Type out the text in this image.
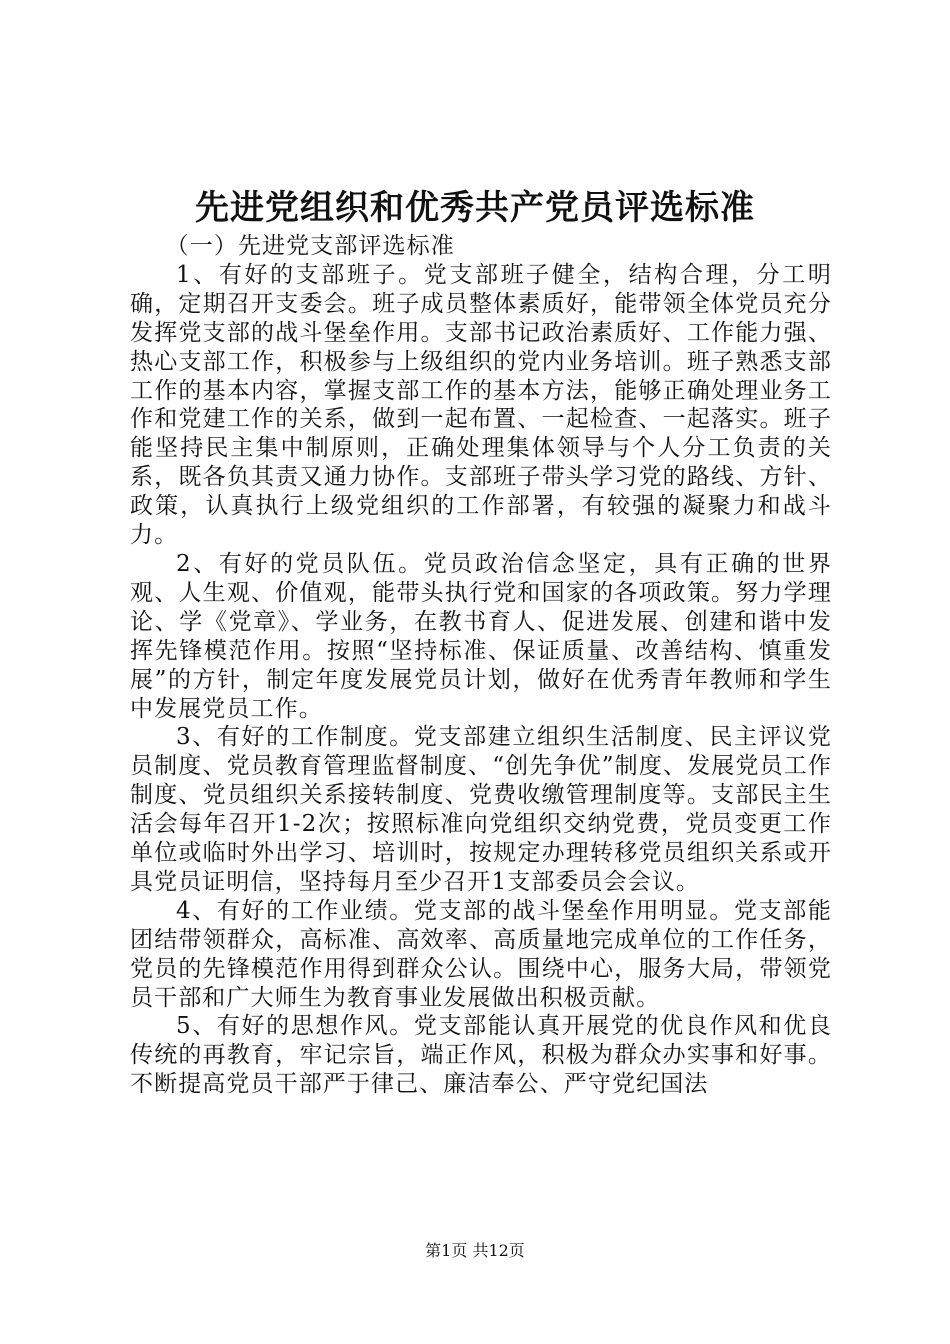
先进党组织和优秀共产党员评选标准

（一）先进党支部评选标准

1、有好的支部班子。党支部班子健全，结构合理，分工明确，定期召开支委会。班子成员整体素质好，能带领全体党员充分发挥党支部的战斗堡垒作用。支部书记政治素质好、工作能力强、热心支部工作，积极参与上级组织的党内业务培训。班子熟悉支部工作的基本内容，掌握支部工作的基本方法，能够正确处理业务工作和党建工作的关系，做到一起布置、一起检查、一起落实。班子能坚持民主集中制原则，正确处理集体领导与个人分工负责的关系，既各负其责又通力协作。支部班子带头学习党的路线、方针、政策，认真执行上级党组织的工作部署，有较强的凝聚力和战斗力。

2、有好的党员队伍。党员政治信念坚定，具有正确的世界观、人生观、价值观，能带头执行党和国家的各项政策。努力学理论、学《党章》、学业务，在教书育人、促进发展、创建和谐中发挥先锋模范作用。按照“坚持标准、保证质量、改善结构、慎重发展”的方针，制定年度发展党员计划，做好在优秀青年教师和学生中发展党员工作。

3、有好的工作制度。党支部建立组织生活制度、民主评议党员制度、党员教育管理监督制度、“创先争优”制度、发展党员工作制度、党员组织关系接转制度、党费收缴管理制度等。支部民主生活会每年召开1-2次；按照标准向党组织交纳党费，党员变更工作单位或临时外出学习、培训时，按规定办理转移党员组织关系或开具党员证明信，坚持每月至少召开1支部委员会会议。

4、有好的工作业绩。党支部的战斗堡垒作用明显。党支部能团结带领群众，高标准、高效率、高质量地完成单位的工作任务，党员的先锋模范作用得到群众公认。围绕中心，服务大局，带领党员干部和广大师生为教育事业发展做出积极贡献。

5、有好的思想作风。党支部能认真开展党的优良作风和优良传统的再教育，牢记宗旨，端正作风，积极为群众办实事和好事。不断提高党员干部严于律己、廉洁奉公、严守党纪国法

第1页 共12页
